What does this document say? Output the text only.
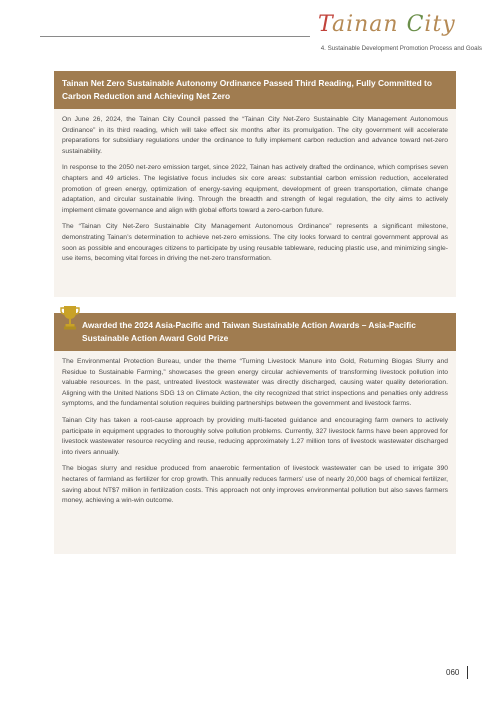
Tainan City
4. Sustainable Development Promotion Process and Goals
Tainan Net Zero Sustainable Autonomy Ordinance Passed Third Reading, Fully Committed to Carbon Reduction and Achieving Net Zero

On June 26, 2024, the Tainan City Council passed the “Tainan City Net-Zero Sustainable City Management Autonomous Ordinance” in its third reading, which will take effect six months after its promulgation. The city government will accelerate preparations for subsidiary regulations under the ordinance to fully implement carbon reduction and advance toward net-zero sustainability.

In response to the 2050 net-zero emission target, since 2022, Tainan has actively drafted the ordinance, which comprises seven chapters and 49 articles. The legislative focus includes six core areas: substantial carbon emission reduction, accelerated promotion of green energy, optimization of energy-saving equipment, development of green transportation, climate change adaptation, and circular sustainable living. Through the breadth and strength of legal regulation, the city aims to actively implement climate governance and align with global efforts toward a zero-carbon future.

The “Tainan City Net-Zero Sustainable City Management Autonomous Ordinance” represents a significant milestone, demonstrating Tainan’s determination to achieve net-zero emissions. The city looks forward to central government approval as soon as possible and encourages citizens to participate by using reusable tableware, reducing plastic use, and minimizing single-use items, becoming vital forces in driving the net-zero transformation.

Awarded the 2024 Asia-Pacific and Taiwan Sustainable Action Awards – Asia-Pacific Sustainable Action Award Gold Prize

The Environmental Protection Bureau, under the theme “Turning Livestock Manure into Gold, Returning Biogas Slurry and Residue to Sustainable Farming,” showcases the green energy circular achievements of transforming livestock pollution into valuable resources. In the past, untreated livestock wastewater was directly discharged, causing water quality deterioration. Aligning with the United Nations SDG 13 on Climate Action, the city recognized that strict inspections and penalties only address symptoms, and the fundamental solution requires building partnerships between the government and livestock farms.

Tainan City has taken a root-cause approach by providing multi-faceted guidance and encouraging farm owners to actively participate in equipment upgrades to thoroughly solve pollution problems. Currently, 327 livestock farms have been approved for livestock wastewater resource recycling and reuse, reducing approximately 1.27 million tons of livestock wastewater discharged into rivers annually.

The biogas slurry and residue produced from anaerobic fermentation of livestock wastewater can be used to irrigate 390 hectares of farmland as fertilizer for crop growth. This annually reduces farmers’ use of nearly 20,000 bags of chemical fertilizer, saving about NT$7 million in fertilization costs. This approach not only improves environmental pollution but also saves farmers money, achieving a win-win outcome.

060
